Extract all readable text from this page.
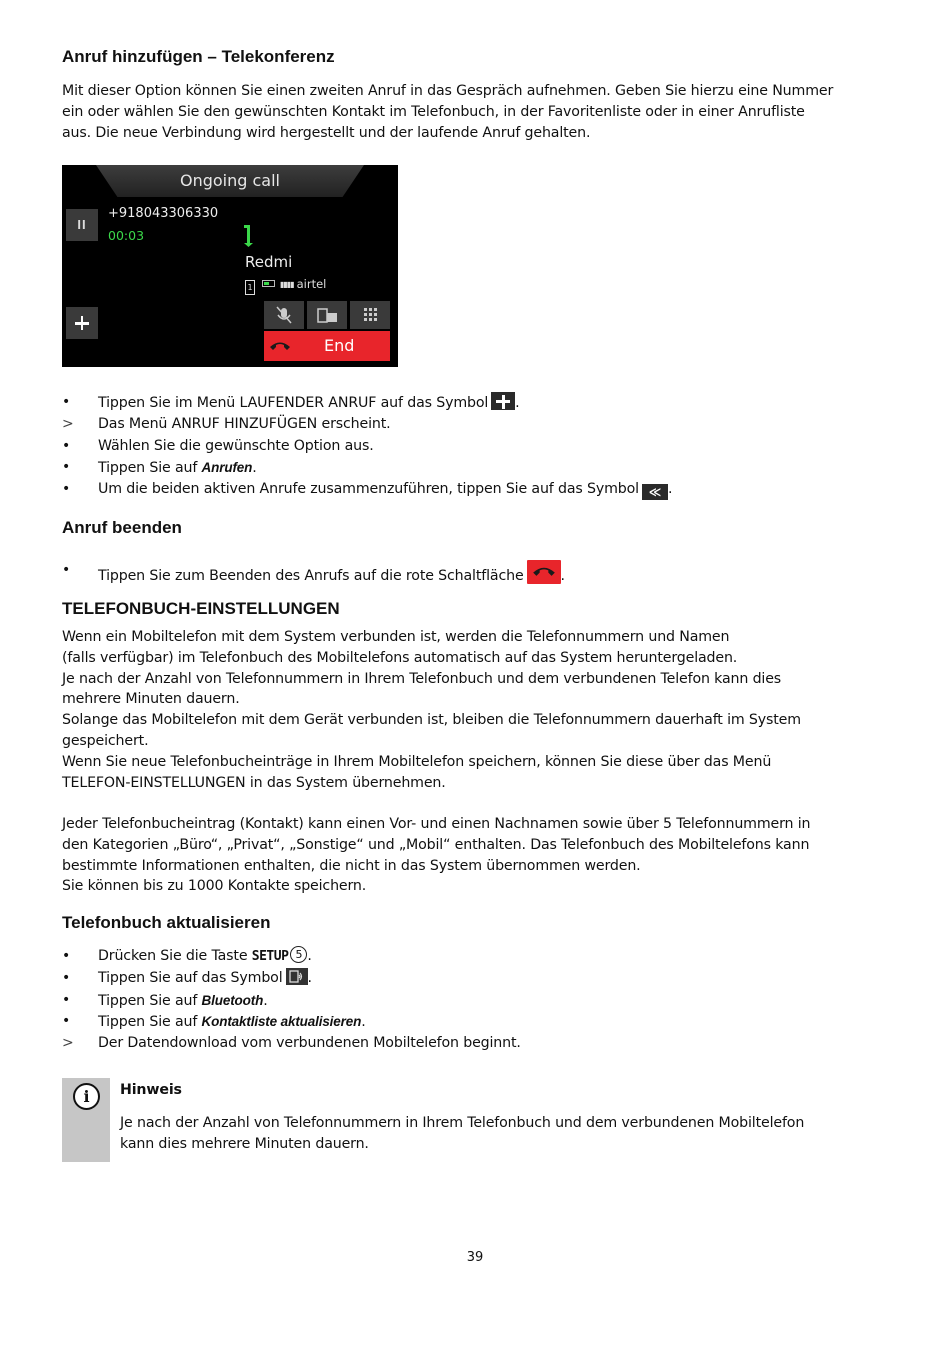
Anruf hinzufügen – Telekonferenz
Mit dieser Option können Sie einen zweiten Anruf in das Gespräch aufnehmen. Geben Sie hierzu eine Nummer
ein oder wählen Sie den gewünschten Kontakt im Telefonbuch, in der Favoritenliste oder in einer Anrufliste
aus. Die neue Verbindung wird hergestellt und der laufende Anruf gehalten.
Ongoing call
II
+918043306330
00:03
Redmi
1	▮▮▮▮ airtel
End
•
Tippen Sie im Menü LAUFENDER ANRUF auf das Symbol .
> Das Menü ANRUF HINZUFÜGEN erscheint.
•
Wählen Sie die gewünschte Option aus.
•
Tippen Sie auf Anrufen.
•
Um die beiden aktiven Anrufe zusammenzuführen, tippen Sie auf das Symbol ≪ .
Anruf beenden
•
Tippen Sie zum Beenden des Anrufs auf die rote Schaltfläche	.
TELEFONBUCH-EINSTELLUNGEN
Wenn ein Mobiltelefon mit dem System verbunden ist, werden die Telefonnummern und Namen
(falls verfügbar) im Telefonbuch des Mobiltelefons automatisch auf das System heruntergeladen.
Je nach der Anzahl von Telefonnummern in Ihrem Telefonbuch und dem verbundenen Telefon kann dies
mehrere Minuten dauern.
Solange das Mobiltelefon mit dem Gerät verbunden ist, bleiben die Telefonnummern dauerhaft im System
gespeichert.
Wenn Sie neue Telefonbucheinträge in Ihrem Mobiltelefon speichern, können Sie diese über das Menü
TELEFON-EINSTELLUNGEN in das System übernehmen.
Jeder Telefonbucheintrag (Kontakt) kann einen Vor- und einen Nachnamen sowie über 5 Telefonnummern in
den Kategorien „Büro“, „Privat“, „Sonstige“ und „Mobil“ enthalten. Das Telefonbuch des Mobiltelefons kann
bestimmte Informationen enthalten, die nicht in das System übernommen werden.
Sie können bis zu 1000 Kontakte speichern.
Telefonbuch aktualisieren
•
Drücken Sie die Taste SETUP 5 .
•
Tippen Sie auf das Symbol .
•
Tippen Sie auf Bluetooth.
•
Tippen Sie auf Kontaktliste aktualisieren.
> Der Datendownload vom verbundenen Mobiltelefon beginnt.
i	Hinweis
Je nach der Anzahl von Telefonnummern in Ihrem Telefonbuch und dem verbundenen Mobiltelefon
kann dies mehrere Minuten dauern.
39
